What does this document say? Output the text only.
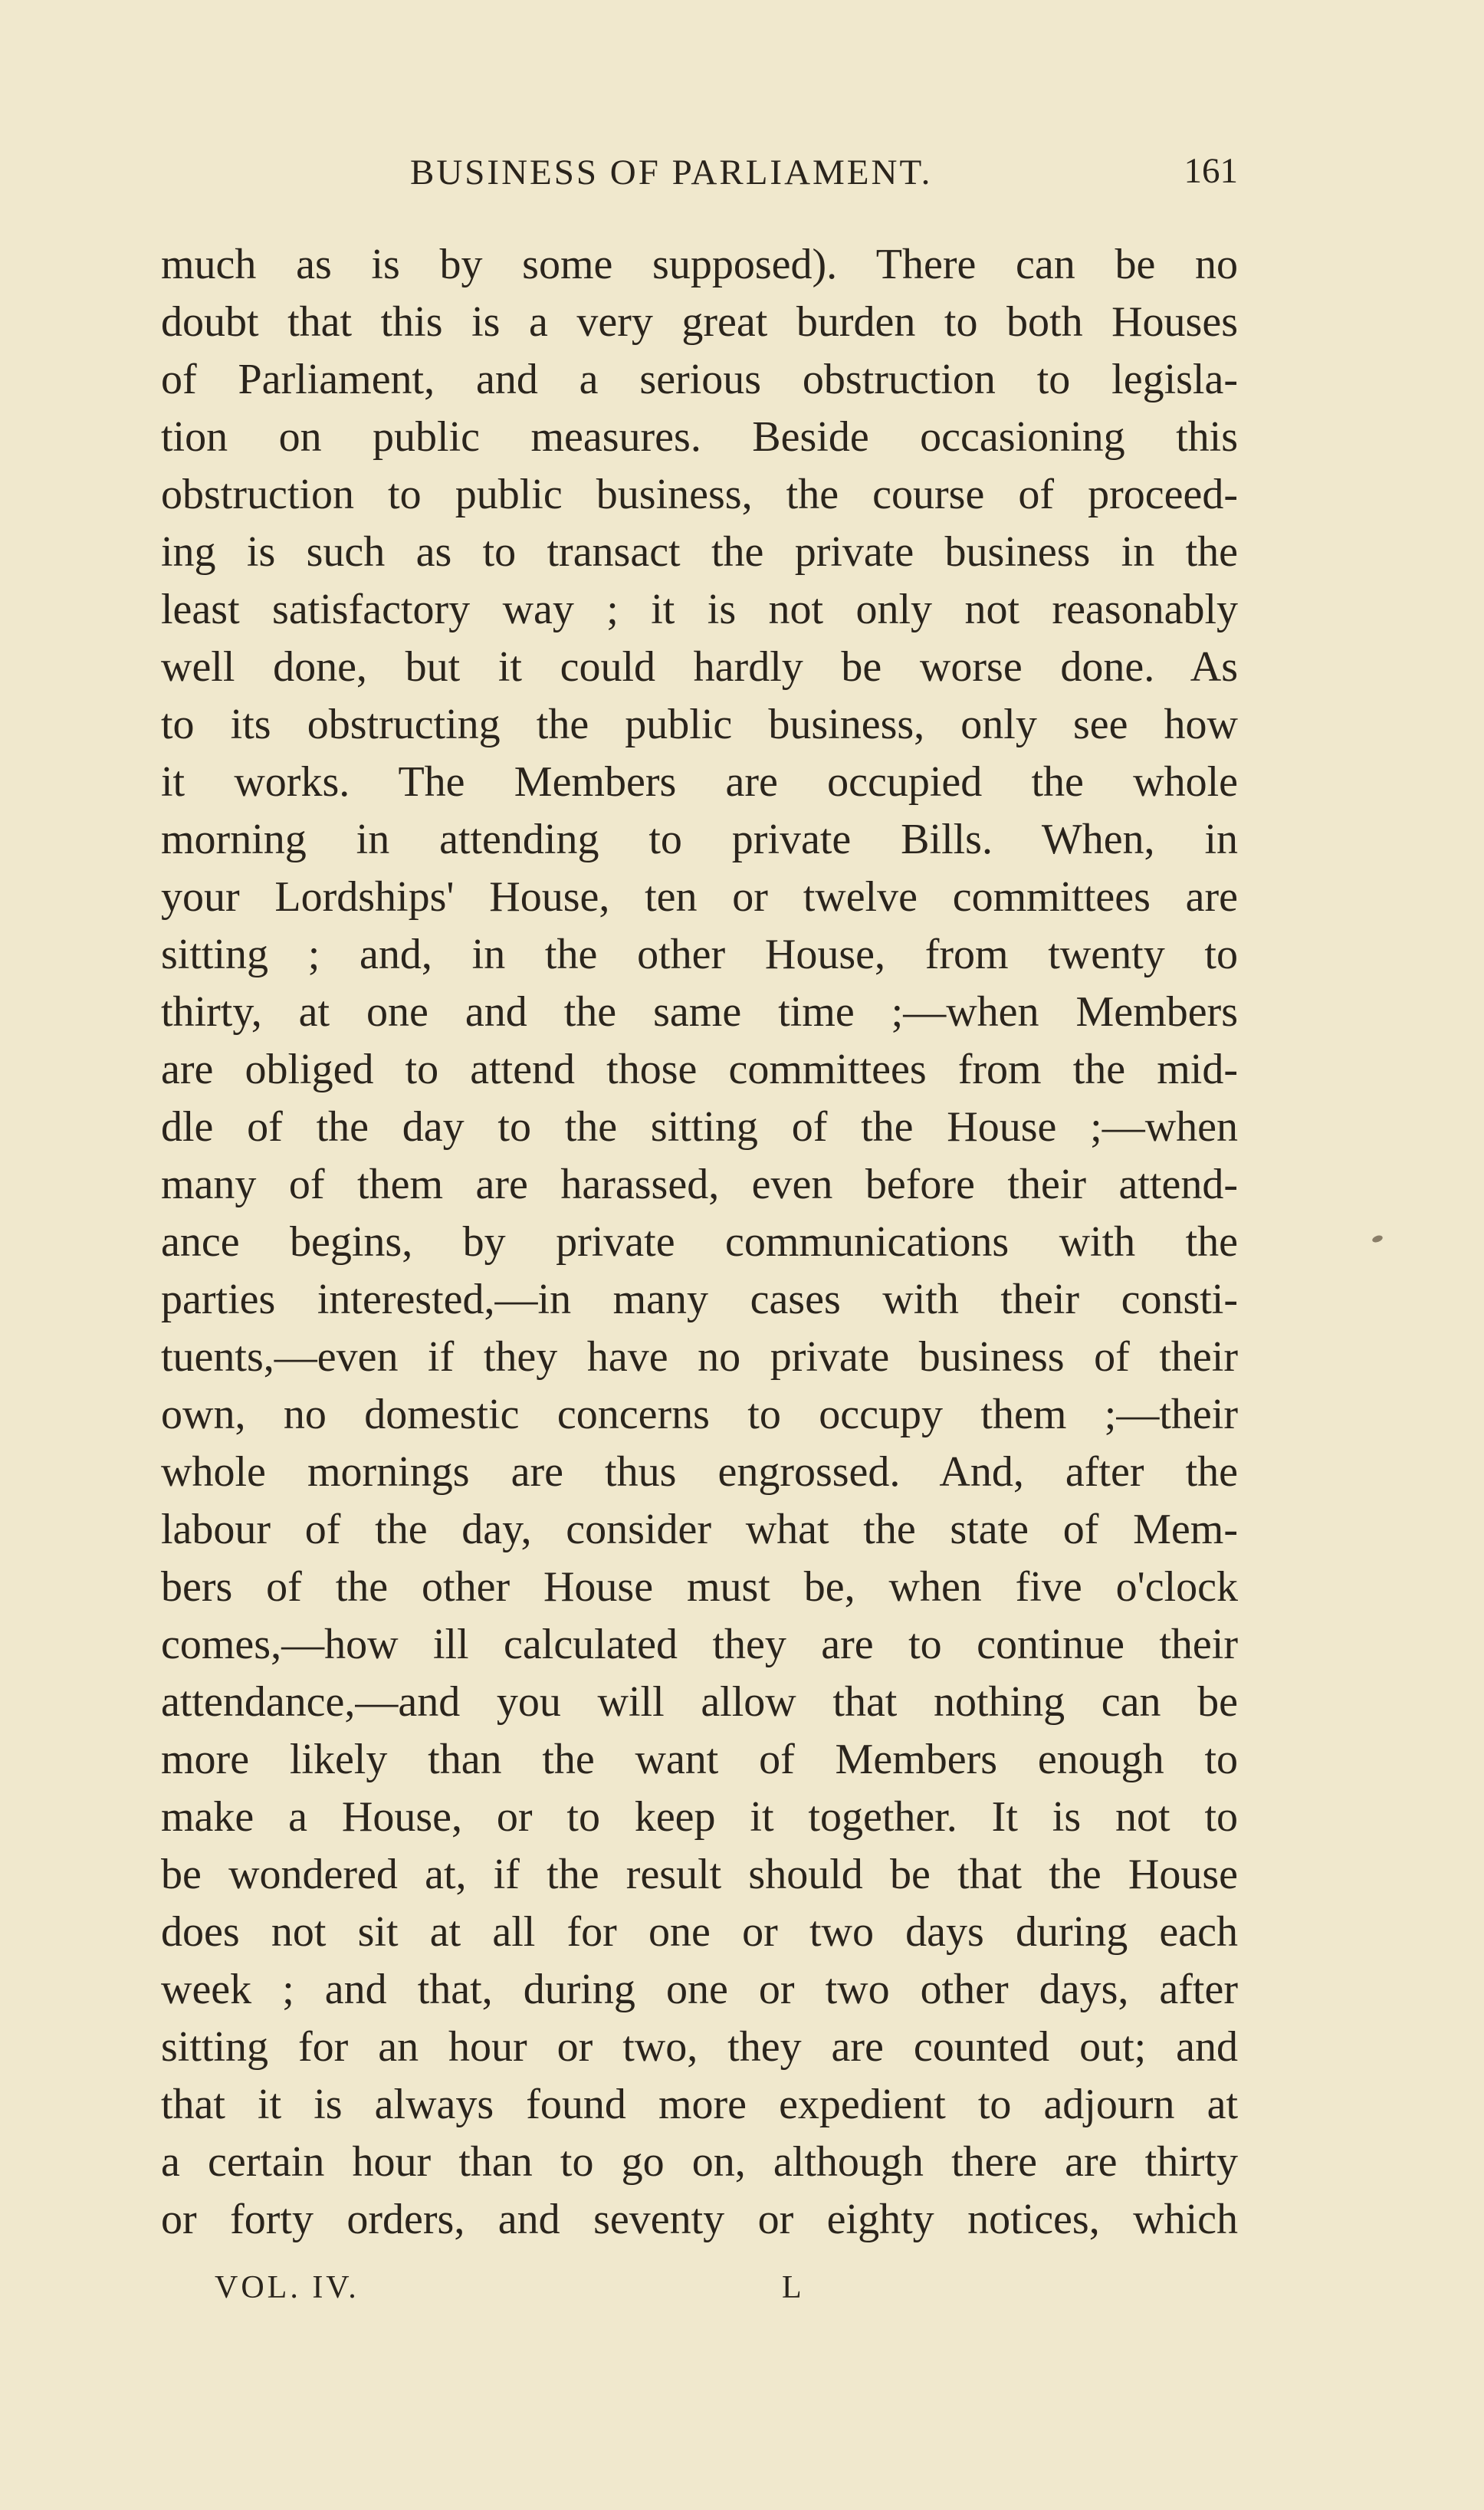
BUSINESS OF PARLIAMENT.	161
much as is by some supposed). There can be no
doubt that this is a very great burden to both Houses
of Parliament, and a serious obstruction to legisla-
tion on public measures. Beside occasioning this
obstruction to public business, the course of proceed-
ing is such as to transact the private business in the
least satisfactory way ; it is not only not reasonably
well done, but it could hardly be worse done. As
to its obstructing the public business, only see how
it works. The Members are occupied the whole
morning in attending to private Bills. When, in
your Lordships' House, ten or twelve committees are
sitting ; and, in the other House, from twenty to
thirty, at one and the same time ;—when Members
are obliged to attend those committees from the mid-
dle of the day to the sitting of the House ;—when
many of them are harassed, even before their attend-
ance begins, by private communications with the
parties interested,—in many cases with their consti-
tuents,—even if they have no private business of their
own, no domestic concerns to occupy them ;—their
whole mornings are thus engrossed. And, after the
labour of the day, consider what the state of Mem-
bers of the other House must be, when five o'clock
comes,—how ill calculated they are to continue their
attendance,—and you will allow that nothing can be
more likely than the want of Members enough to
make a House, or to keep it together. It is not to
be wondered at, if the result should be that the House
does not sit at all for one or two days during each
week ; and that, during one or two other days, after
sitting for an hour or two, they are counted out; and
that it is always found more expedient to adjourn at
a certain hour than to go on, although there are thirty
or forty orders, and seventy or eighty notices, which
VOL. IV.	L
